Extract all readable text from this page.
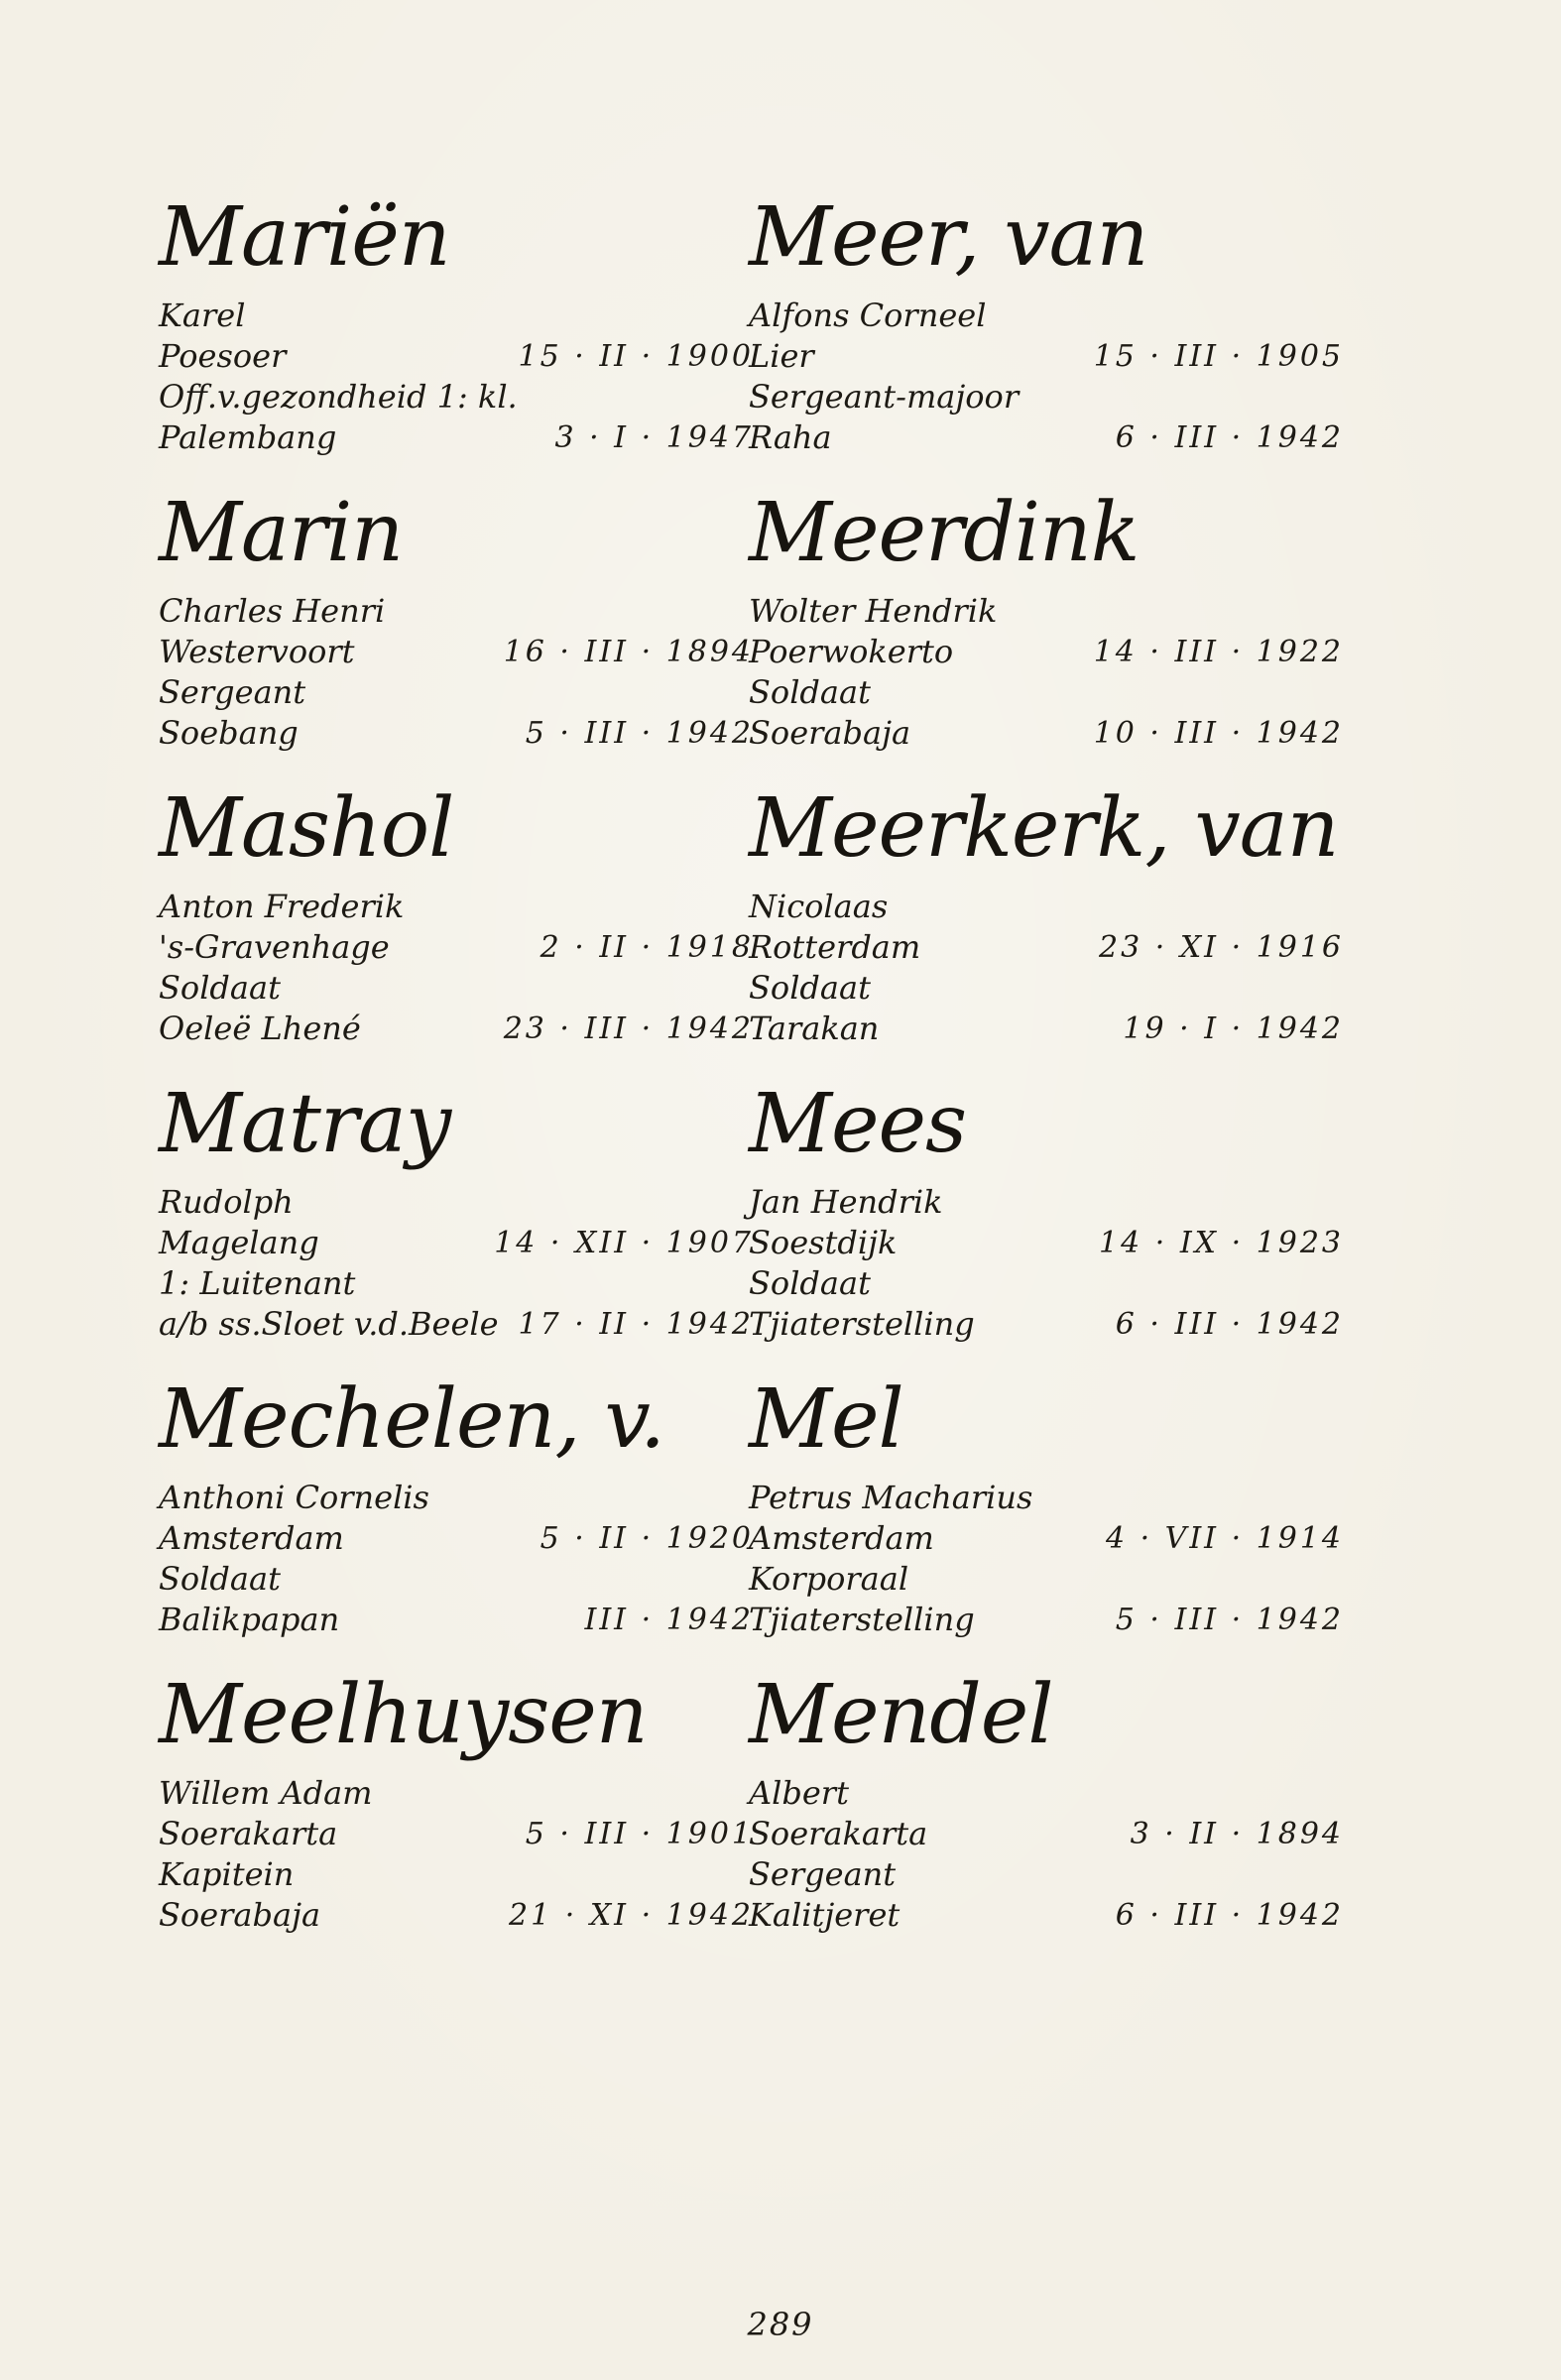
Mariën
Karel
Poesoer	15 · II · 1900
Off.v.gezondheid 1: kl.
Palembang	3 · I · 1947
Marin
Charles Henri
Westervoort	16 · III · 1894
Sergeant
Soebang	5 · III · 1942
Mashol
Anton Frederik
's-Gravenhage	2 · II · 1918
Soldaat
Oeleë Lhené	23 · III · 1942
Matray
Rudolph
Magelang	14 · XII · 1907
1: Luitenant
a/b ss.Sloet v.d.Beele 17 · II · 1942
Mechelen, v.
Anthoni Cornelis
Amsterdam	5 · II · 1920
Soldaat
Balikpapan	III · 1942
Meelhuysen
Willem Adam
Soerakarta	5 · III · 1901
Kapitein
Soerabaja	21 · XI · 1942
Meer, van
Alfons Corneel
Lier	15 · III · 1905
Sergeant-majoor
Raha	6 · III · 1942
Meerdink
Wolter Hendrik
Poerwokerto	14 · III · 1922
Soldaat
Soerabaja	10 · III · 1942
Meerkerk, van
Nicolaas
Rotterdam	23 · XI · 1916
Soldaat
Tarakan	19 · I · 1942
Mees
Jan Hendrik
Soestdijk	14 · IX · 1923
Soldaat
Tjiaterstelling	6 · III · 1942
Mel
Petrus Macharius
Amsterdam	4 · VII · 1914
Korporaal
Tjiaterstelling	5 · III · 1942
Mendel
Albert
Soerakarta	3 · II · 1894
Sergeant
Kalitjeret	6 · III · 1942
289
